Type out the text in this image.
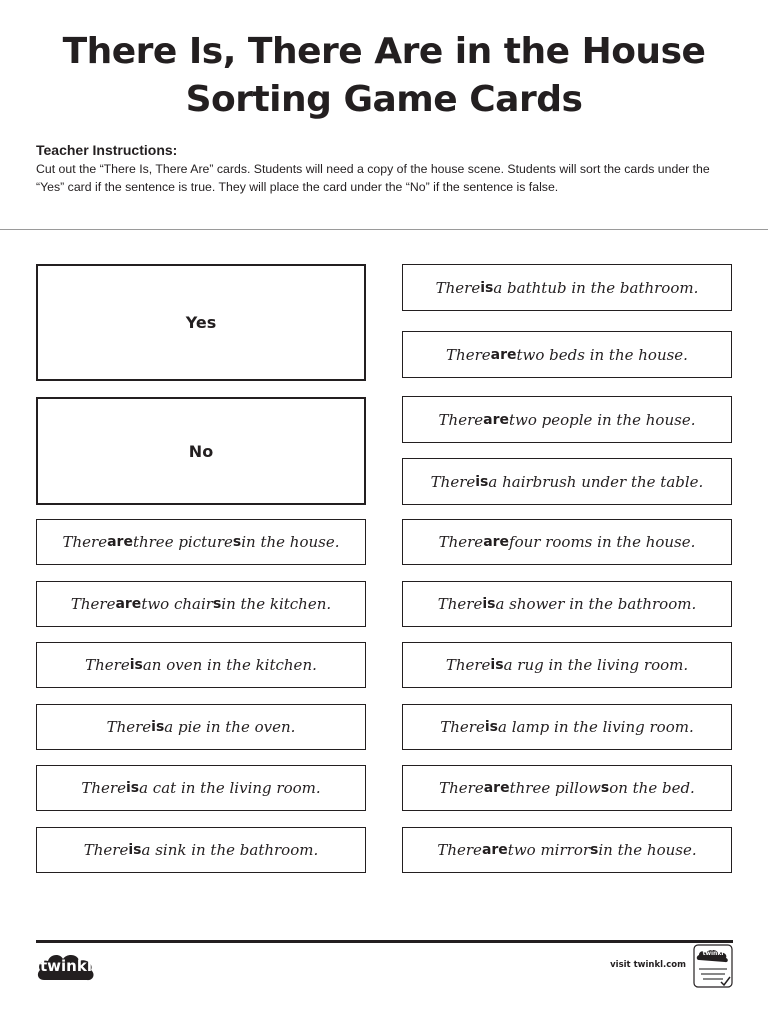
There Is, There Are in the House
Sorting Game Cards

Teacher Instructions:

Cut out the “There Is, There Are” cards. Students will need a copy of the house scene. Students will sort the cards under the “Yes” card if the sentence is true. They will place the card under the “No” if the sentence is false.

Yes
No
There are three picture s in the house.
There are two chair s in the kitchen.
There is an oven in the kitchen.
There is a pie in the oven.
There is a cat in the living room.
There is a sink in the bathroom.
There is a bathtub in the bathroom.
There are two beds in the house.
There are two people in the house.
There is a hairbrush under the table.
There are four rooms in the house.
There is a shower in the bathroom.
There is a rug in the living room.
There is a lamp in the living room.
There are three pillow s on the bed.
There are two mirror s in the house.
twinkl	visit twinkl.com
twinkl
